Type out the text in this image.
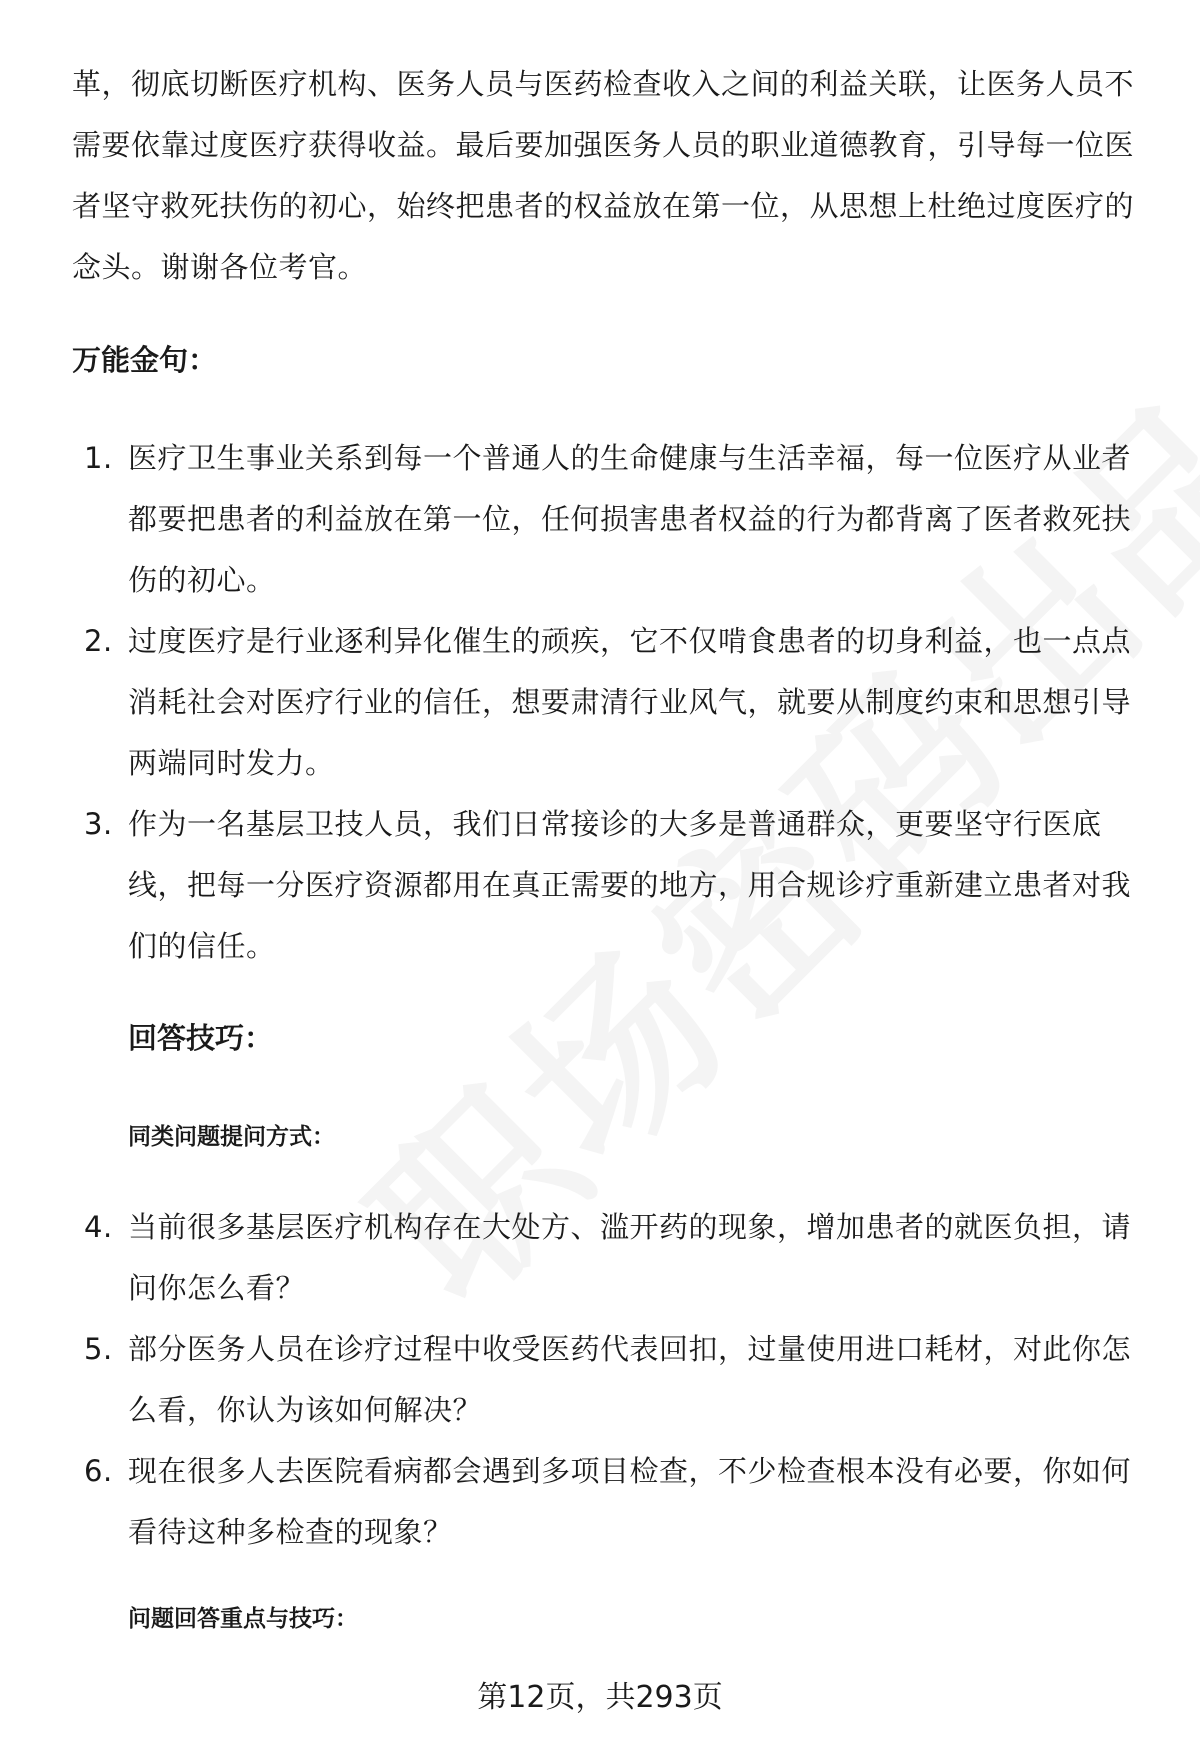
革，彻底切断医疗机构、医务人员与医药检查收入之间的利益关联，让医务人员不需要依靠过度医疗获得收益。最后要加强医务人员的职业道德教育，引导每一位医者坚守救死扶伤的初心，始终把患者的权益放在第一位，从思想上杜绝过度医疗的念头。谢谢各位考官。

万能金句：

1. 医疗卫生事业关系到每一个普通人的生命健康与生活幸福，每一位医疗从业者都要把患者的利益放在第一位，任何损害患者权益的行为都背离了医者救死扶伤的初心。
2. 过度医疗是行业逐利异化催生的顽疾，它不仅啃食患者的切身利益，也一点点消耗社会对医疗行业的信任，想要肃清行业风气，就要从制度约束和思想引导两端同时发力。
3. 作为一名基层卫技人员，我们日常接诊的大多是普通群众，更要坚守行医底线，把每一分医疗资源都用在真正需要的地方，用合规诊疗重新建立患者对我们的信任。

回答技巧：

同类问题提问方式：

4. 当前很多基层医疗机构存在大处方、滥开药的现象，增加患者的就医负担，请问你怎么看？
5. 部分医务人员在诊疗过程中收受医药代表回扣，过量使用进口耗材，对此你怎么看，你认为该如何解决？
6. 现在很多人去医院看病都会遇到多项目检查，不少检查根本没有必要，你如何看待这种多检查的现象？

问题回答重点与技巧：

第12页，共293页
